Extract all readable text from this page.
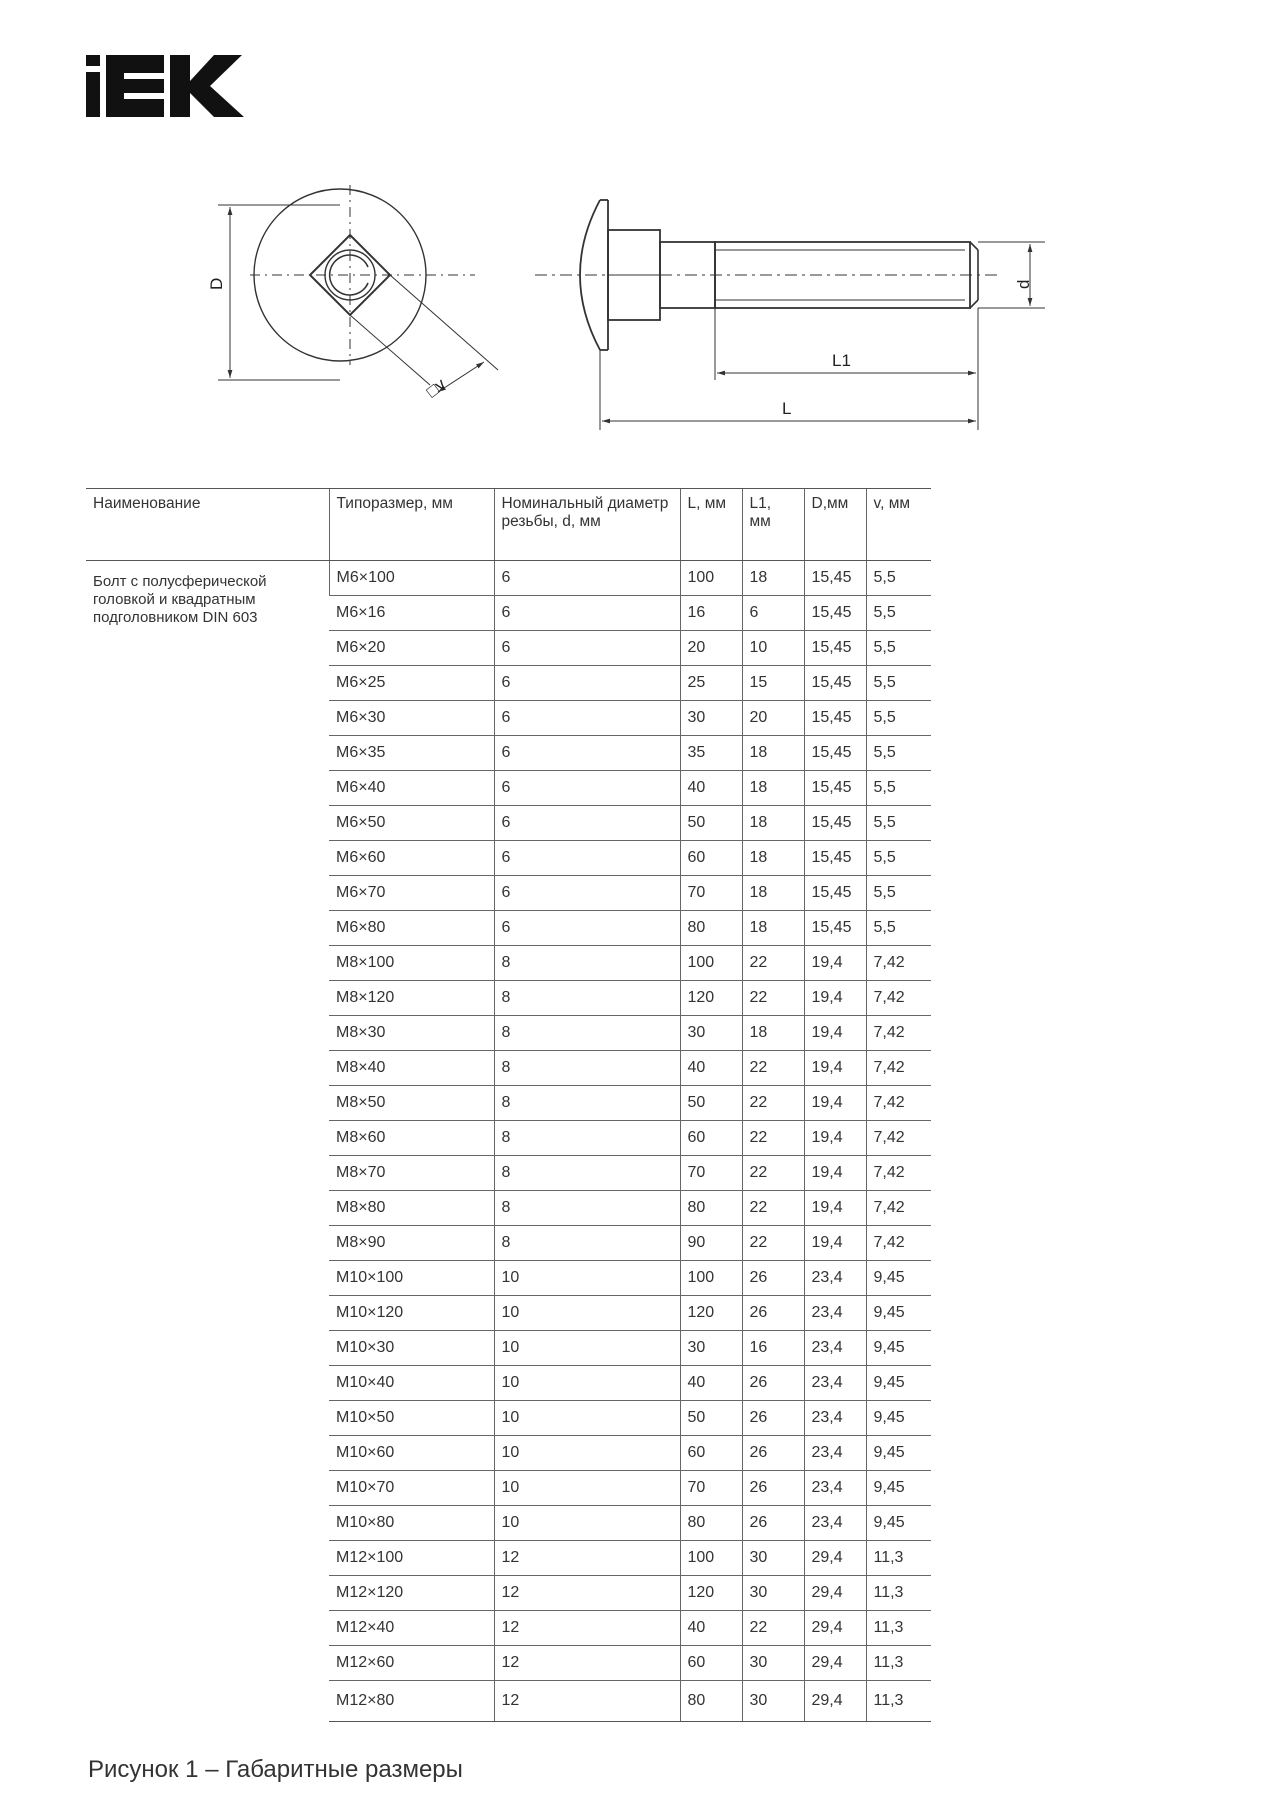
D
□v
d
L1
L
Наименование	Типоразмер, мм	Номинальный диаметр резьбы, d, мм	L, мм	L1, мм	D,мм	v, мм
Болт с полусферической головкой и квадратным подголовником DIN 603	M6×100	6	100	18	15,45	5,5
	M6×16	6	16	6	15,45	5,5
	M6×20	6	20	10	15,45	5,5
	M6×25	6	25	15	15,45	5,5
	M6×30	6	30	20	15,45	5,5
	M6×35	6	35	18	15,45	5,5
	M6×40	6	40	18	15,45	5,5
	M6×50	6	50	18	15,45	5,5
	M6×60	6	60	18	15,45	5,5
	M6×70	6	70	18	15,45	5,5
	M6×80	6	80	18	15,45	5,5
	M8×100	8	100	22	19,4	7,42
	M8×120	8	120	22	19,4	7,42
	M8×30	8	30	18	19,4	7,42
	M8×40	8	40	22	19,4	7,42
	M8×50	8	50	22	19,4	7,42
	M8×60	8	60	22	19,4	7,42
	M8×70	8	70	22	19,4	7,42
	M8×80	8	80	22	19,4	7,42
	M8×90	8	90	22	19,4	7,42
	M10×100	10	100	26	23,4	9,45
	M10×120	10	120	26	23,4	9,45
	M10×30	10	30	16	23,4	9,45
	M10×40	10	40	26	23,4	9,45
	M10×50	10	50	26	23,4	9,45
	M10×60	10	60	26	23,4	9,45
	M10×70	10	70	26	23,4	9,45
	M10×80	10	80	26	23,4	9,45
	M12×100	12	100	30	29,4	11,3
	M12×120	12	120	30	29,4	11,3
	M12×40	12	40	22	29,4	11,3
	M12×60	12	60	30	29,4	11,3
	M12×80	12	80	30	29,4	11,3
Рисунок 1 – Габаритные размеры
